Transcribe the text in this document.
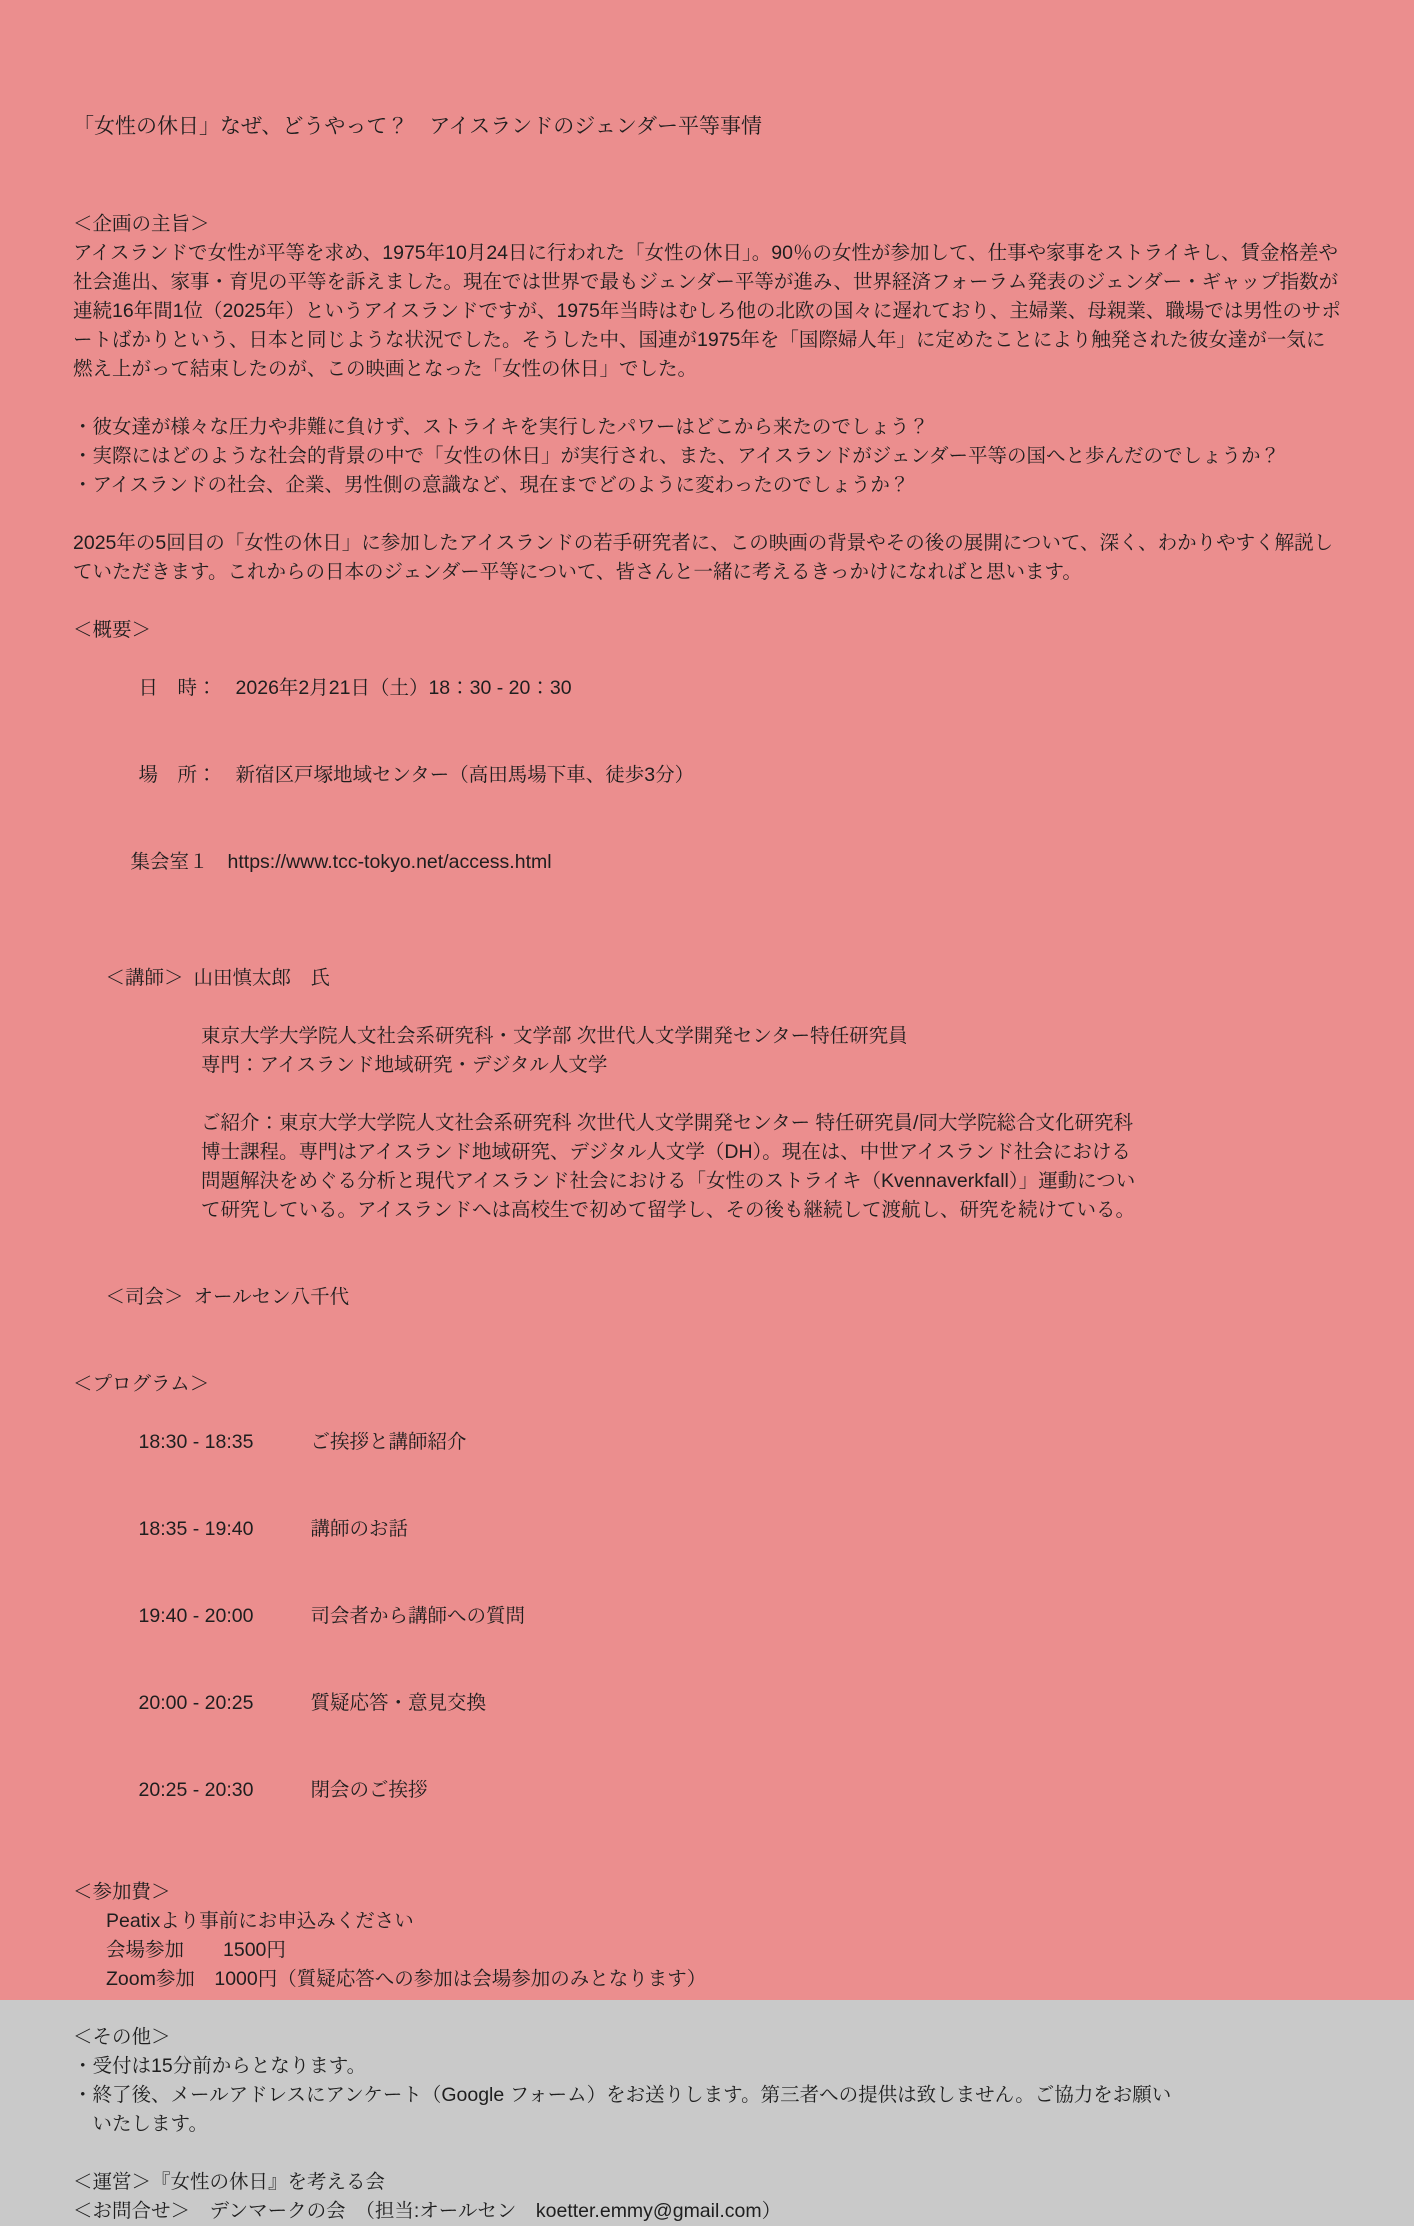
「女性の休日」なぜ、どうやって？　アイスランドのジェンダー平等事情
＜企画の主旨＞
アイスランドで女性が平等を求め、1975年10月24日に行われた「女性の休日」。90％の女性が参加して、仕事や家事をストライキし、賃金格差や社会進出、家事・育児の平等を訴えました。現在では世界で最もジェンダー平等が進み、世界経済フォーラム発表のジェンダー・ギャップ指数が連続16年間1位（2025年）というアイスランドですが、1975年当時はむしろ他の北欧の国々に遅れており、主婦業、母親業、職場では男性のサポートばかりという、日本と同じような状況でした。そうした中、国連が1975年を「国際婦人年」に定めたことにより触発された彼女達が一気に燃え上がって結束したのが、この映画となった「女性の休日」でした。
・彼女達が様々な圧力や非難に負けず、ストライキを実行したパワーはどこから来たのでしょう？
・実際にはどのような社会的背景の中で「女性の休日」が実行され、また、アイスランドがジェンダー平等の国へと歩んだのでしょうか？
・アイスランドの社会、企業、男性側の意識など、現在までどのように変わったのでしょうか？
2025年の5回目の「女性の休日」に参加したアイスランドの若手研究者に、この映画の背景やその後の展開について、深く、わかりやすく解説していただきます。これからの日本のジェンダー平等について、皆さんと一緒に考えるきっかけになればと思います。
＜概要＞

日　時： 2026年2月21日（土）18：30 - 20：30

場　所： 新宿区戸塚地域センター（高田馬場下車、徒歩3分）

集会室１ https://www.tcc-tokyo.net/access.html

＜講師＞ 山田慎太郎　氏

東京大学大学院人文社会系研究科・文学部 次世代人文学開発センター特任研究員
専門：アイスランド地域研究・デジタル人文学
ご紹介：東京大学大学院人文社会系研究科 次世代人文学開発センター 特任研究員/同大学院総合文化研究科
博士課程。専門はアイスランド地域研究、デジタル人文学（DH）。現在は、中世アイスランド社会における
問題解決をめぐる分析と現代アイスランド社会における「女性のストライキ（Kvennaverkfall）」運動につい
て研究している。アイスランドへは高校生で初めて留学し、その後も継続して渡航し、研究を続けている。

＜司会＞ オールセン八千代

＜プログラム＞

18:30 - 18:35	ご挨拶と講師紹介

18:35 - 19:40	講師のお話

19:40 - 20:00	司会者から講師への質問

20:00 - 20:25	質疑応答・意見交換

20:25 - 20:30	閉会のご挨拶

＜参加費＞
Peatixより事前にお申込みください
会場参加　　1500円
Zoom参加　1000円（質疑応答への参加は会場参加のみとなります）
＜その他＞
・受付は15分前からとなります。
・終了後、メールアドレスにアンケート（Google フォーム）をお送りします。第三者への提供は致しません。ご協力をお願い
　いたします。
＜運営＞『女性の休日』を考える会
＜お問合せ＞　デンマークの会　（担当:オールセン　koetter.emmy@gmail.com）
